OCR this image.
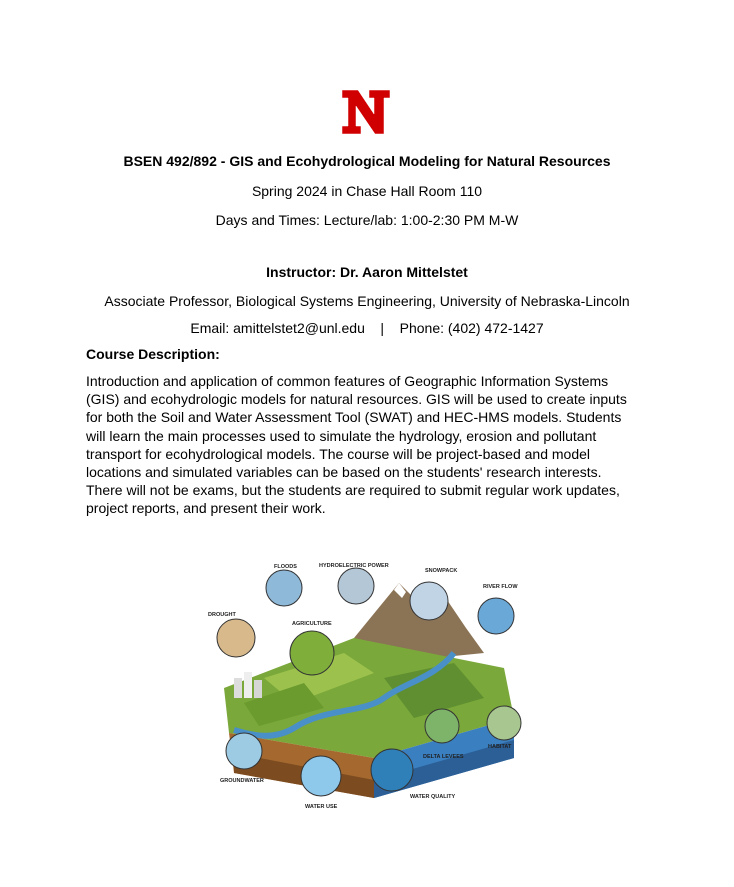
BSEN 492/892 - GIS and Ecohydrological Modeling for Natural Resources
Spring 2024 in Chase Hall Room 110
Days and Times: Lecture/lab: 1:00-2:30 PM M-W
Instructor: Dr. Aaron Mittelstet
Associate Professor, Biological Systems Engineering, University of Nebraska-Lincoln
Email: amittelstet2@unl.edu    |    Phone: (402) 472-1427
Course Description:
Introduction and application of common features of Geographic Information Systems
(GIS) and ecohydrologic models for natural resources. GIS will be used to create inputs
for both the Soil and Water Assessment Tool (SWAT) and HEC-HMS models. Students
will learn the main processes used to simulate the hydrology, erosion and pollutant
transport for ecohydrological models. The course will be project-based and model
locations and simulated variables can be based on the students' research interests.
There will not be exams, but the students are required to submit regular work updates,
project reports, and present their work.
FLOODS	HYDROELECTRIC POWER
SNOWPACK
RIVER FLOW
DROUGHT
AGRICULTURE
HABITAT
DELTA LEVEES
GROUNDWATER
WATER USE
WATER QUALITY
